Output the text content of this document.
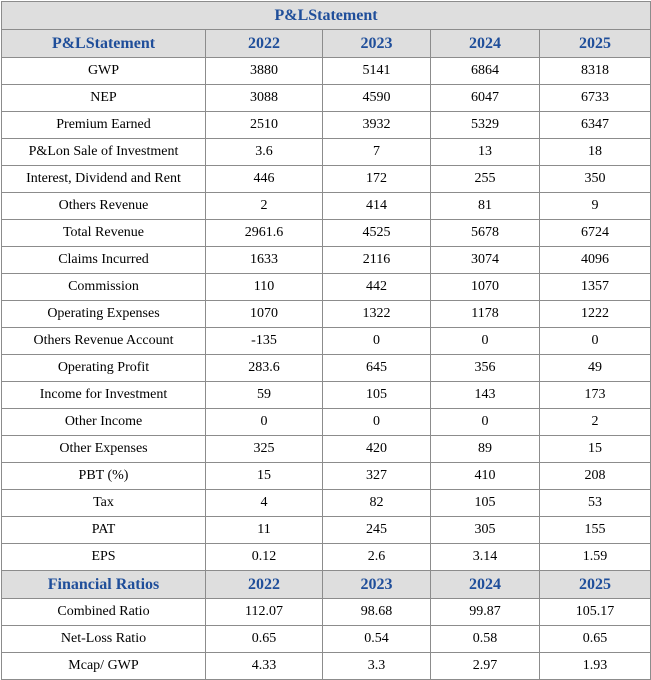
P&LStatement				
P&LStatement	2022	2023	2024	2025
GWP	3880	5141	6864	8318
NEP	3088	4590	6047	6733
Premium Earned	2510	3932	5329	6347
P&Lon Sale of Investment	3.6	7	13	18
Interest, Dividend and Rent	446	172	255	350
Others Revenue	2	414	81	9
Total Revenue	2961.6	4525	5678	6724
Claims Incurred	1633	2116	3074	4096
Commission	110	442	1070	1357
Operating Expenses	1070	1322	1178	1222
Others Revenue Account	-135	0	0	0
Operating Profit	283.6	645	356	49
Income for Investment	59	105	143	173
Other Income	0	0	0	2
Other Expenses	325	420	89	15
PBT (%)	15	327	410	208
Tax	4	82	105	53
PAT	11	245	305	155
EPS	0.12	2.6	3.14	1.59
Financial Ratios	2022	2023	2024	2025
Combined Ratio	112.07	98.68	99.87	105.17
Net-Loss Ratio	0.65	0.54	0.58	0.65
Mcap/ GWP	4.33	3.3	2.97	1.93
